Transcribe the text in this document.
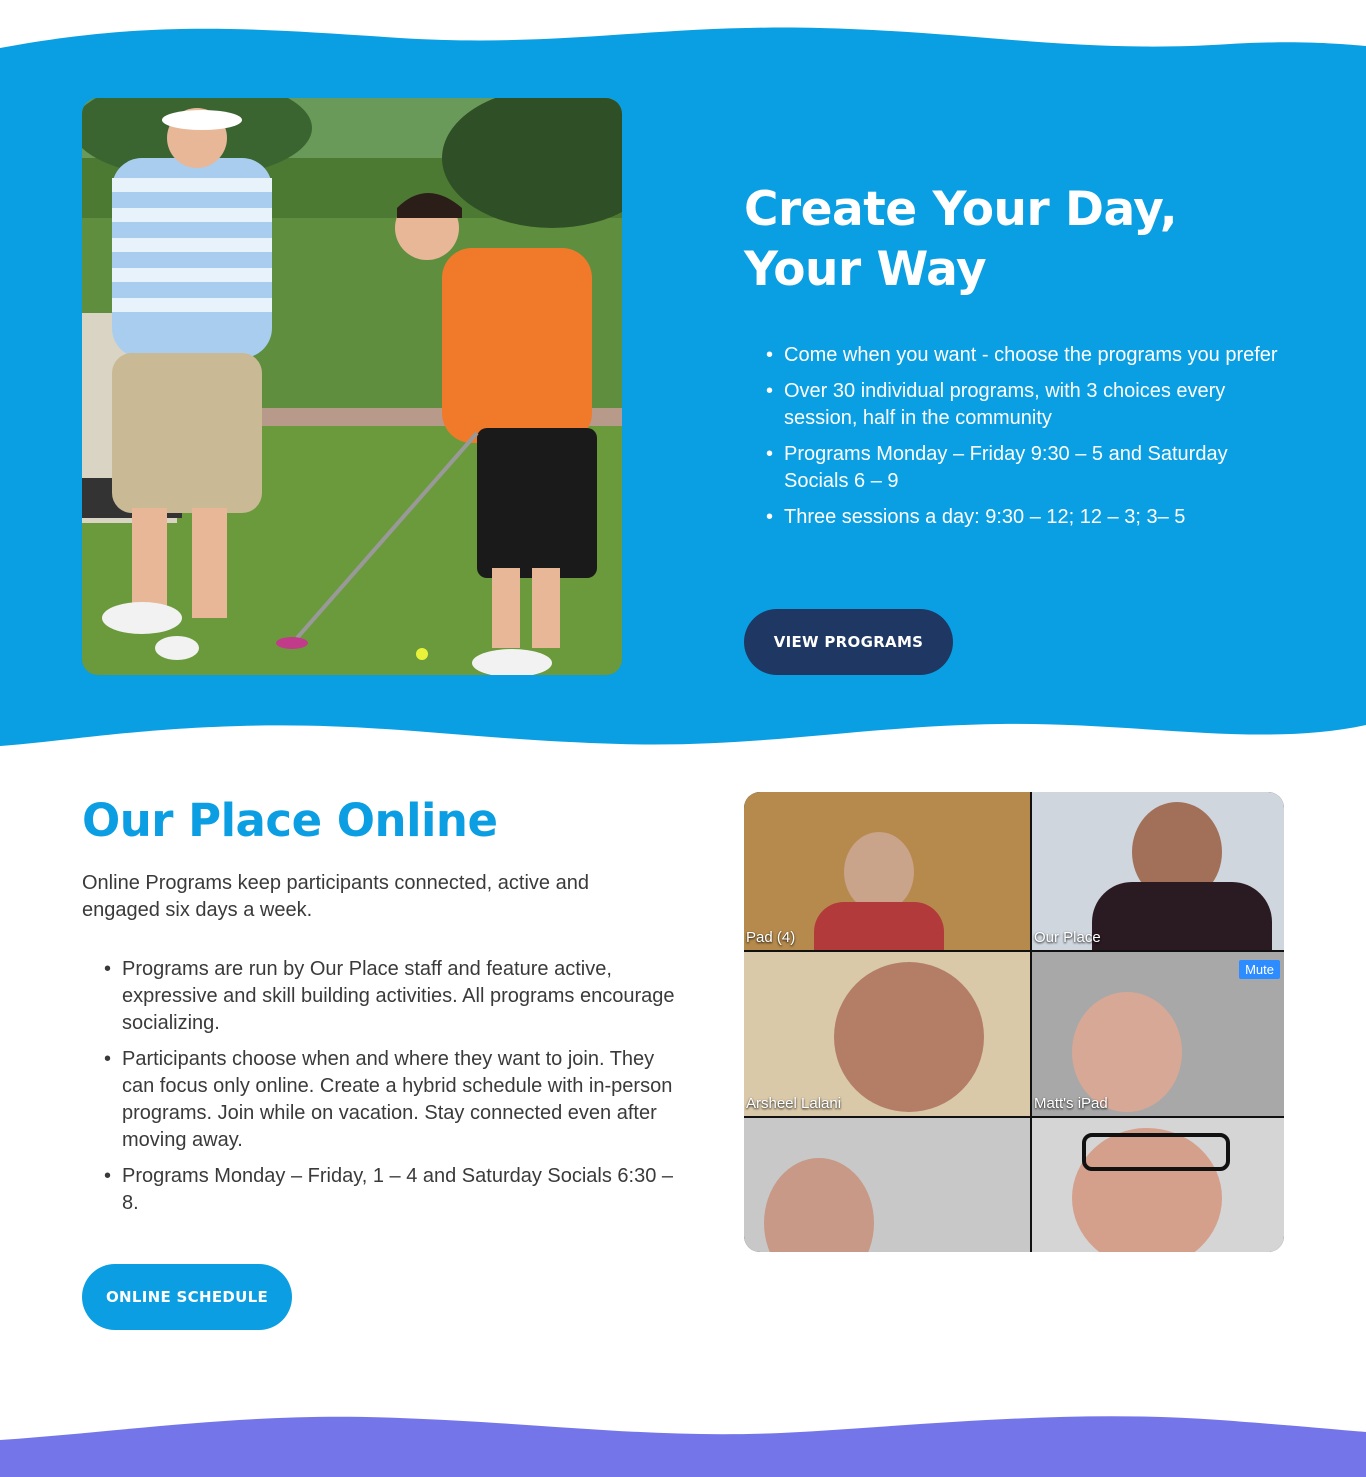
Create Your Day,
Your Way
• Come when you want - choose the programs you prefer
• Over 30 individual programs, with 3 choices every session, half in the community
• Programs Monday – Friday 9:30 – 5 and Saturday Socials 6 – 9
• Three sessions a day: 9:30 – 12; 12 – 3; 3– 5
VIEW PROGRAMS
Our Place Online

Online Programs keep participants connected, active and engaged six days a week.

• Programs are run by Our Place staff and feature active, expressive and skill building activities. All programs encourage socializing.
• Participants choose when and where they want to join. They can focus only online. Create a hybrid schedule with in-person programs. Join while on vacation. Stay connected even after moving away.
• Programs Monday – Friday, 1 – 4 and Saturday Socials 6:30 – 8.
ONLINE SCHEDULE
Pad (4)	Our Place
Arsheel Lalani
Mute
Matt's iPad
